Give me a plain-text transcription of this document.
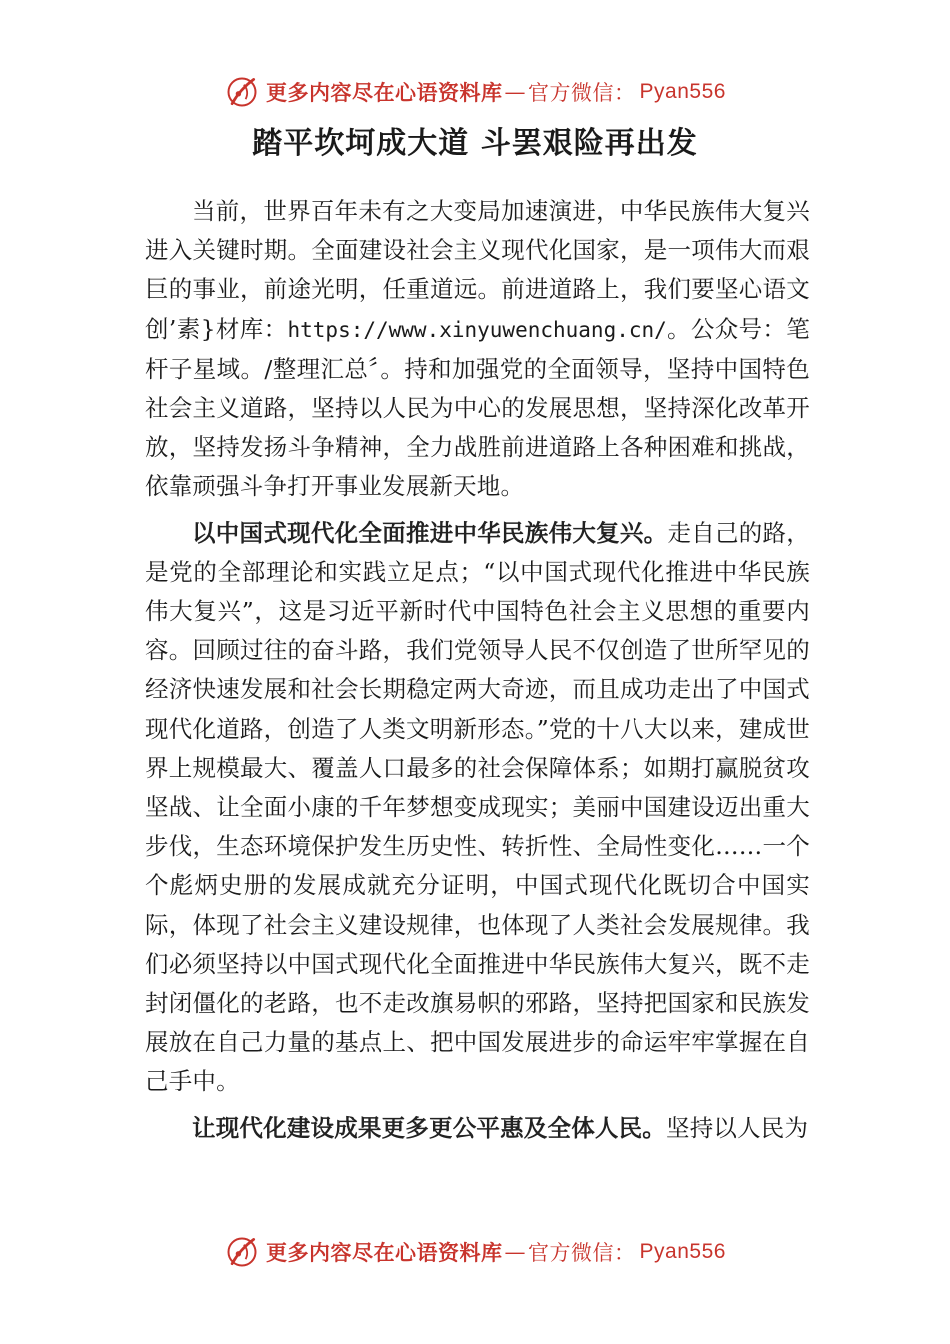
更多内容尽在心语资料库 — 官方微信： Pyan556
踏平坎坷成大道 斗罢艰险再出发

当前，世界百年未有之大变局加速演进，中华民族伟大复兴进入关键时期。全面建设社会主义现代化国家，是一项伟大而艰巨的事业，前途光明，任重道远。前进道路上，我们要坚心语文创’素}材库：https://www.xinyuwenchuang.cn/。公众号：笔杆子星域。/整理汇总〞。持和加强党的全面领导，坚持中国特色社会主义道路，坚持以人民为中心的发展思想，坚持深化改革开放，坚持发扬斗争精神，全力战胜前进道路上各种困难和挑战，依靠顽强斗争打开事业发展新天地。

以中国式现代化全面推进中华民族伟大复兴。走自己的路，是党的全部理论和实践立足点；“以中国式现代化推进中华民族伟大复兴”，这是习近平新时代中国特色社会主义思想的重要内容。回顾过往的奋斗路，我们党领导人民不仅创造了世所罕见的经济快速发展和社会长期稳定两大奇迹，而且成功走出了中国式现代化道路，创造了人类文明新形态。”党的十八大以来，建成世界上规模最大、覆盖人口最多的社会保障体系；如期打赢脱贫攻坚战、让全面小康的千年梦想变成现实；美丽中国建设迈出重大步伐，生态环境保护发生历史性、转折性、全局性变化……一个个彪炳史册的发展成就充分证明，中国式现代化既切合中国实际，体现了社会主义建设规律，也体现了人类社会发展规律。我们必须坚持以中国式现代化全面推进中华民族伟大复兴，既不走封闭僵化的老路，也不走改旗易帜的邪路，坚持把国家和民族发展放在自己力量的基点上、把中国发展进步的命运牢牢掌握在自己手中。

让现代化建设成果更多更公平惠及全体人民。坚持以人民为

更多内容尽在心语资料库 — 官方微信： Pyan556
